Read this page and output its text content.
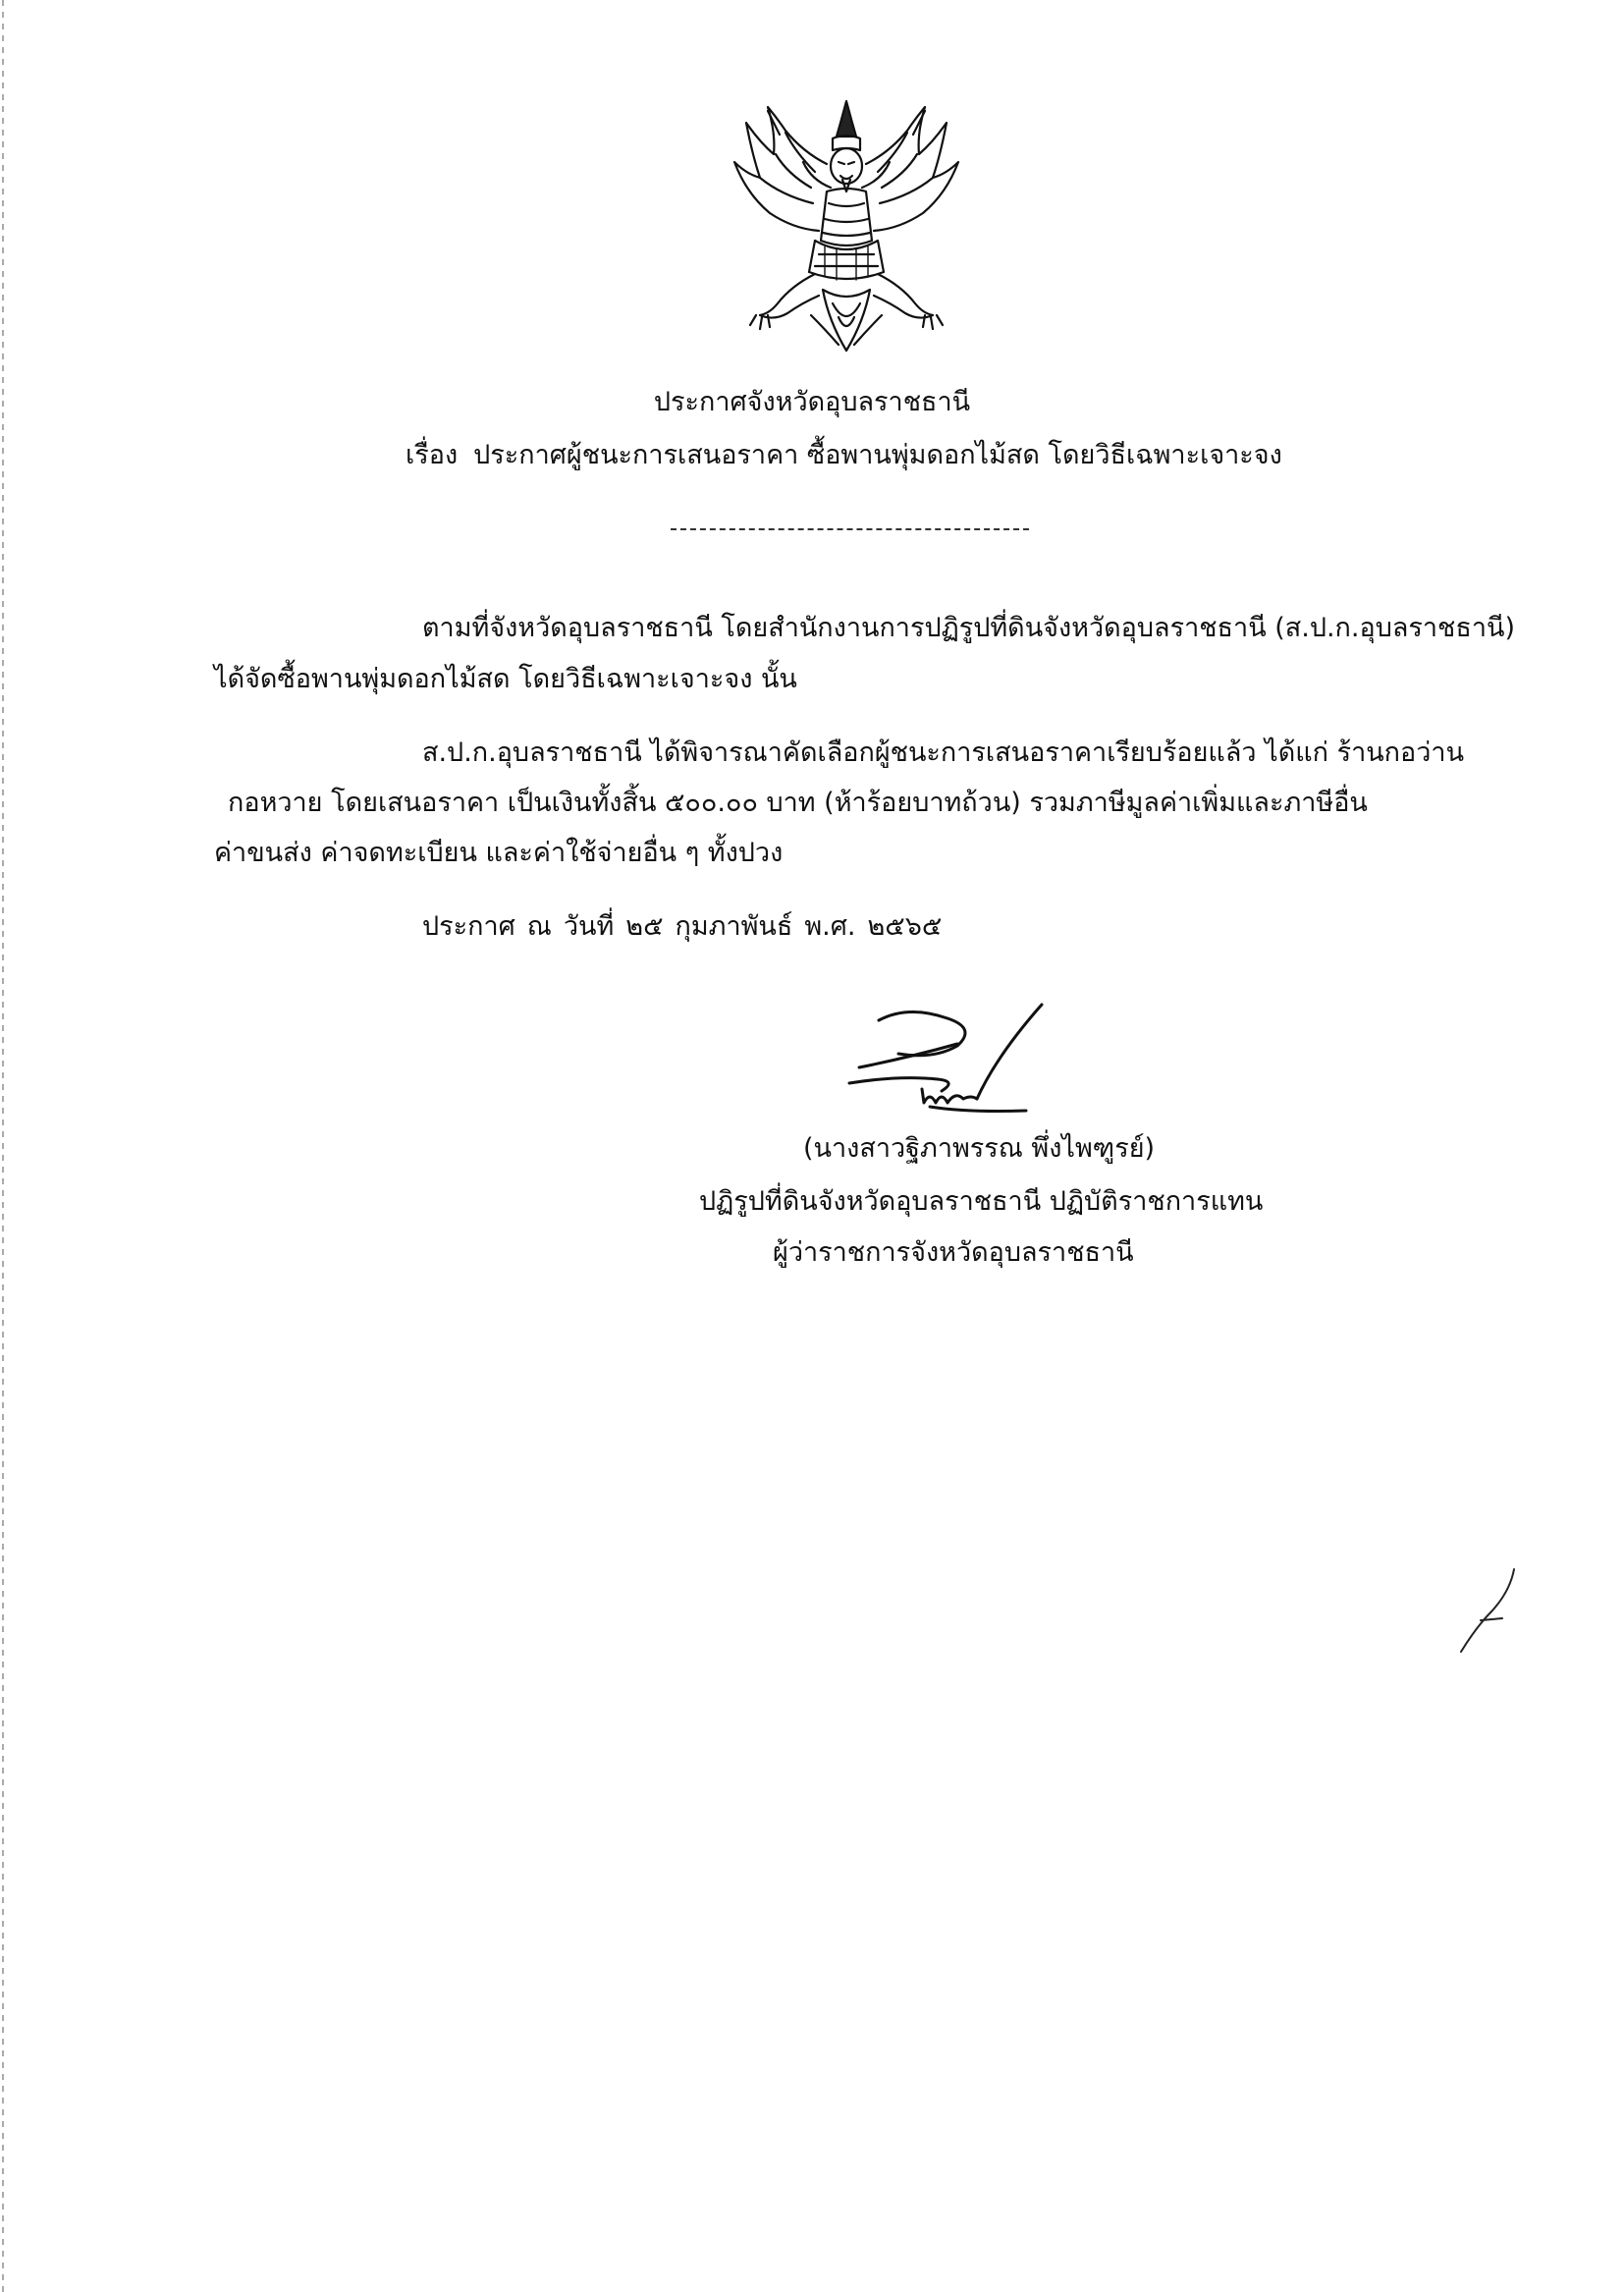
ประกาศจังหวัดอุบลราชธานี
เรื่อง ประกาศผู้ชนะการเสนอราคา ซื้อพานพุ่มดอกไม้สด โดยวิธีเฉพาะเจาะจง
ตามที่จังหวัดอุบลราชธานี โดยสำนักงานการปฏิรูปที่ดินจังหวัดอุบลราชธานี (ส.ป.ก.อุบลราชธานี)
ได้จัดซื้อพานพุ่มดอกไม้สด โดยวิธีเฉพาะเจาะจง นั้น
ส.ป.ก.อุบลราชธานี ได้พิจารณาคัดเลือกผู้ชนะการเสนอราคาเรียบร้อยแล้ว ได้แก่ ร้านกอว่าน
กอหวาย โดยเสนอราคา เป็นเงินทั้งสิ้น ๕๐๐.๐๐ บาท (ห้าร้อยบาทถ้วน) รวมภาษีมูลค่าเพิ่มและภาษีอื่น
ค่าขนส่ง ค่าจดทะเบียน และค่าใช้จ่ายอื่น ๆ ทั้งปวง
ประกาศ ณ วันที่ ๒๕ กุมภาพันธ์ พ.ศ. ๒๕๖๕
(นางสาวฐิภาพรรณ พึ่งไพฑูรย์)
ปฏิรูปที่ดินจังหวัดอุบลราชธานี ปฏิบัติราชการแทน
ผู้ว่าราชการจังหวัดอุบลราชธานี
